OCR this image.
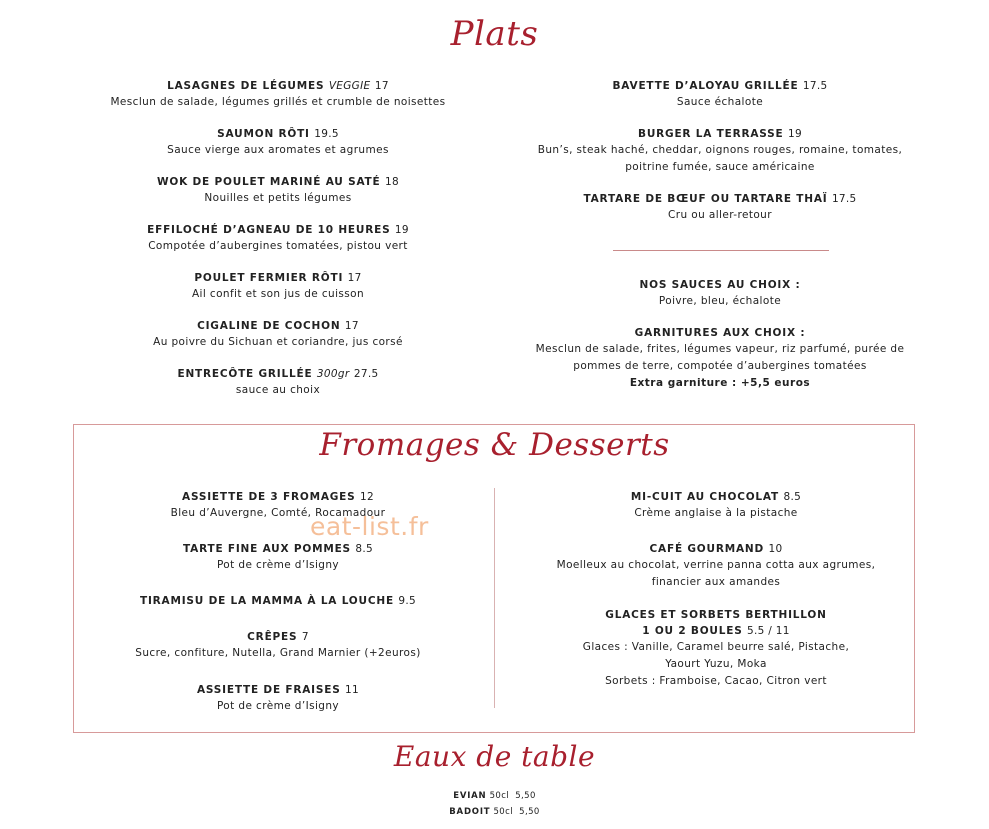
Plats
LASAGNES DE LÉGUMES VEGGIE 17
Mesclun de salade, légumes grillés et crumble de noisettes
SAUMON RÔTI 19.5
Sauce vierge aux aromates et agrumes
WOK DE POULET MARINÉ AU SATÉ 18
Nouilles et petits légumes
EFFILOCHÉ D’AGNEAU DE 10 HEURES 19
Compotée d’aubergines tomatées, pistou vert
POULET FERMIER RÔTI 17
Ail confit et son jus de cuisson
CIGALINE DE COCHON 17
Au poivre du Sichuan et coriandre, jus corsé
ENTRECÔTE GRILLÉE 300gr 27.5
sauce au choix
BAVETTE D’ALOYAU GRILLÉE 17.5
Sauce échalote
BURGER LA TERRASSE 19
Bun’s, steak haché, cheddar, oignons rouges, romaine, tomates,
poitrine fumée, sauce américaine
TARTARE DE BŒUF OU TARTARE THAÏ 17.5
Cru ou aller-retour
NOS SAUCES AU CHOIX :
Poivre, bleu, échalote
GARNITURES AUX CHOIX :
Mesclun de salade, frites, légumes vapeur, riz parfumé, purée de
pommes de terre, compotée d’aubergines tomatées
Extra garniture : +5,5 euros
Fromages & Desserts
ASSIETTE DE 3 FROMAGES 12
Bleu d’Auvergne, Comté, Rocamadour
TARTE FINE AUX POMMES 8.5
Pot de crème d’Isigny
TIRAMISU DE LA MAMMA À LA LOUCHE 9.5
CRÊPES 7
Sucre, confiture, Nutella, Grand Marnier (+2euros)
ASSIETTE DE FRAISES 11
Pot de crème d’Isigny
MI-CUIT AU CHOCOLAT 8.5
Crème anglaise à la pistache
CAFÉ GOURMAND 10
Moelleux au chocolat, verrine panna cotta aux agrumes,
financier aux amandes
GLACES ET SORBETS BERTHILLON
1 OU 2 BOULES 5.5 / 11
Glaces : Vanille, Caramel beurre salé, Pistache,
Yaourt Yuzu, Moka
Sorbets : Framboise, Cacao, Citron vert
eat-list.fr
Eaux de table
EVIAN 50cl 5,50
BADOIT 50cl 5,50
